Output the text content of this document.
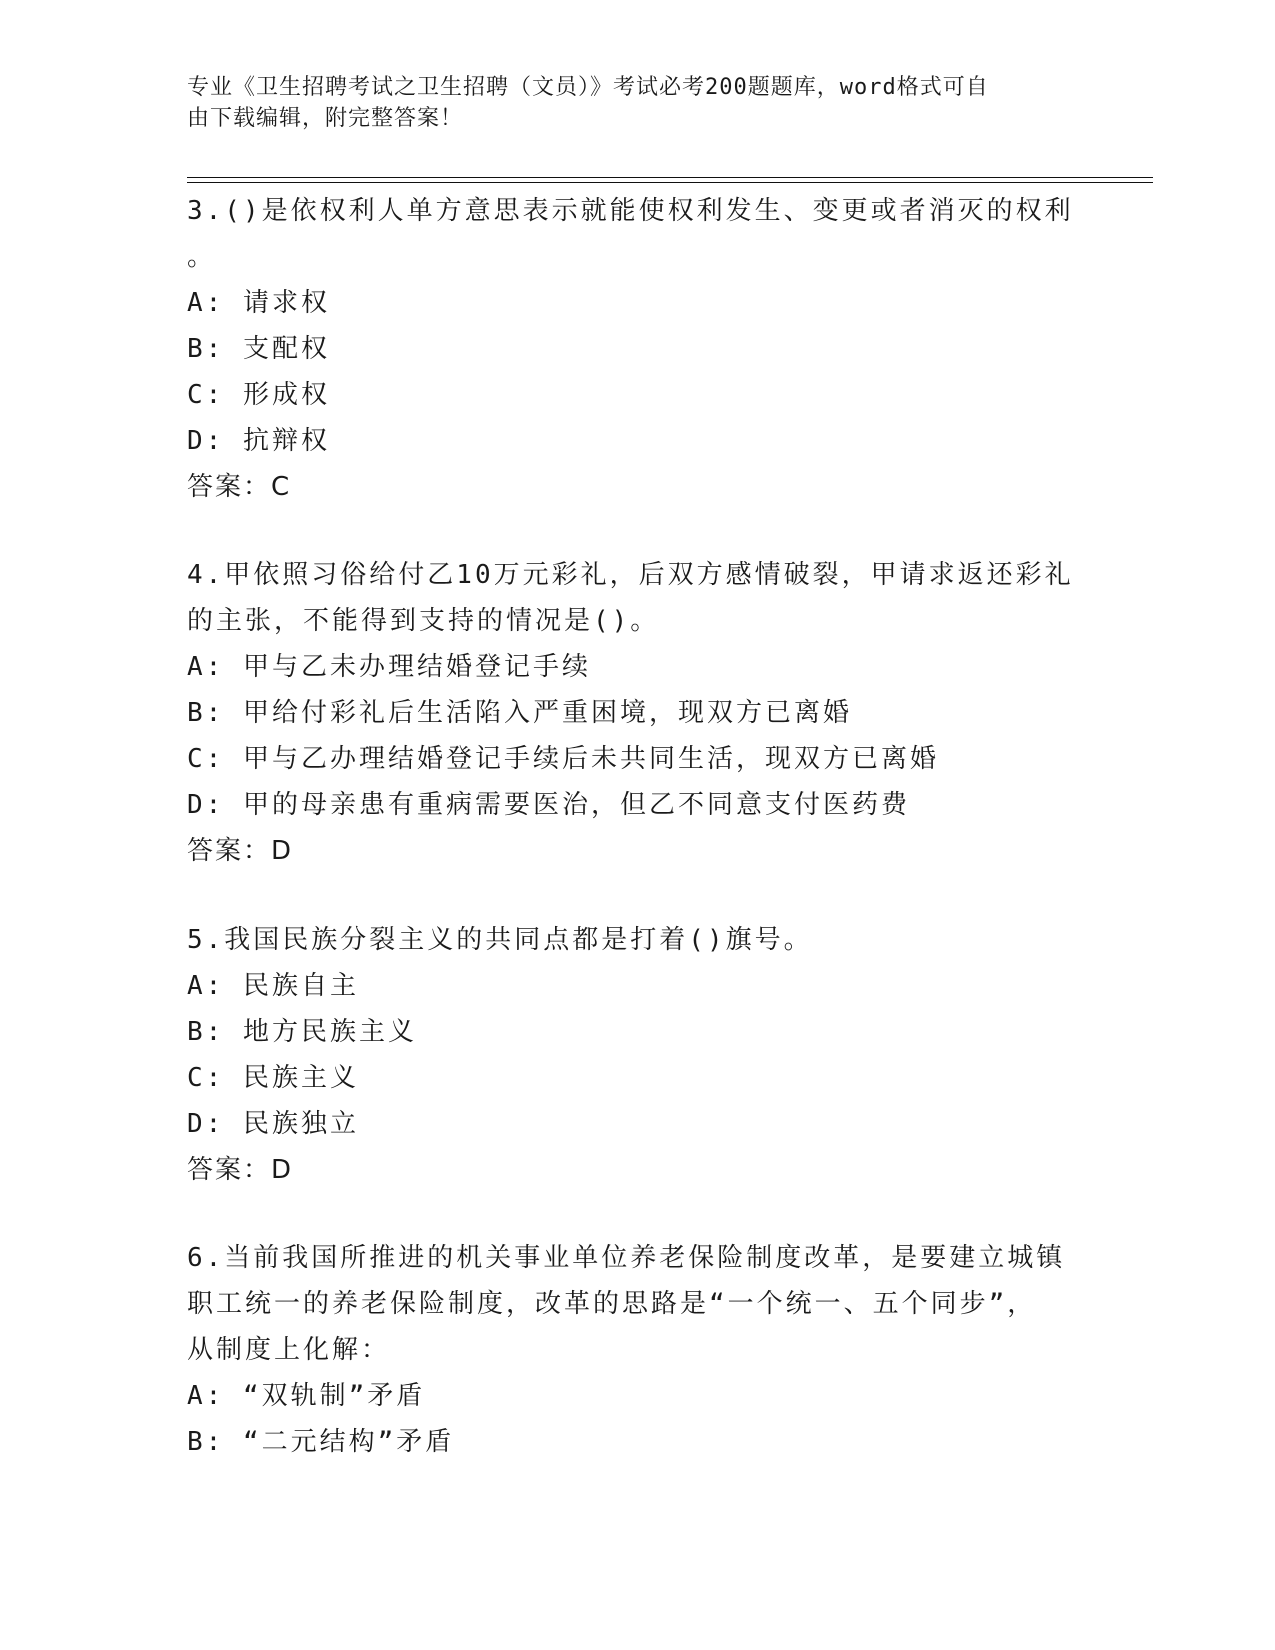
专业《卫生招聘考试之卫生招聘（文员）》考试必考200题题库，word格式可自
由下载编辑，附完整答案！
3.()是依权利人单方意思表示就能使权利发生、变更或者消灭的权利
。
A: 请求权
B: 支配权
C: 形成权
D: 抗辩权
答案：C
4.甲依照习俗给付乙10万元彩礼，后双方感情破裂，甲请求返还彩礼
的主张，不能得到支持的情况是()。
A: 甲与乙未办理结婚登记手续
B: 甲给付彩礼后生活陷入严重困境，现双方已离婚
C: 甲与乙办理结婚登记手续后未共同生活，现双方已离婚
D: 甲的母亲患有重病需要医治，但乙不同意支付医药费
答案：D
5.我国民族分裂主义的共同点都是打着()旗号。
A: 民族自主
B: 地方民族主义
C: 民族主义
D: 民族独立
答案：D
6.当前我国所推进的机关事业单位养老保险制度改革，是要建立城镇
职工统一的养老保险制度，改革的思路是“一个统一、五个同步”，
从制度上化解：
A: “双轨制”矛盾
B: “二元结构”矛盾
